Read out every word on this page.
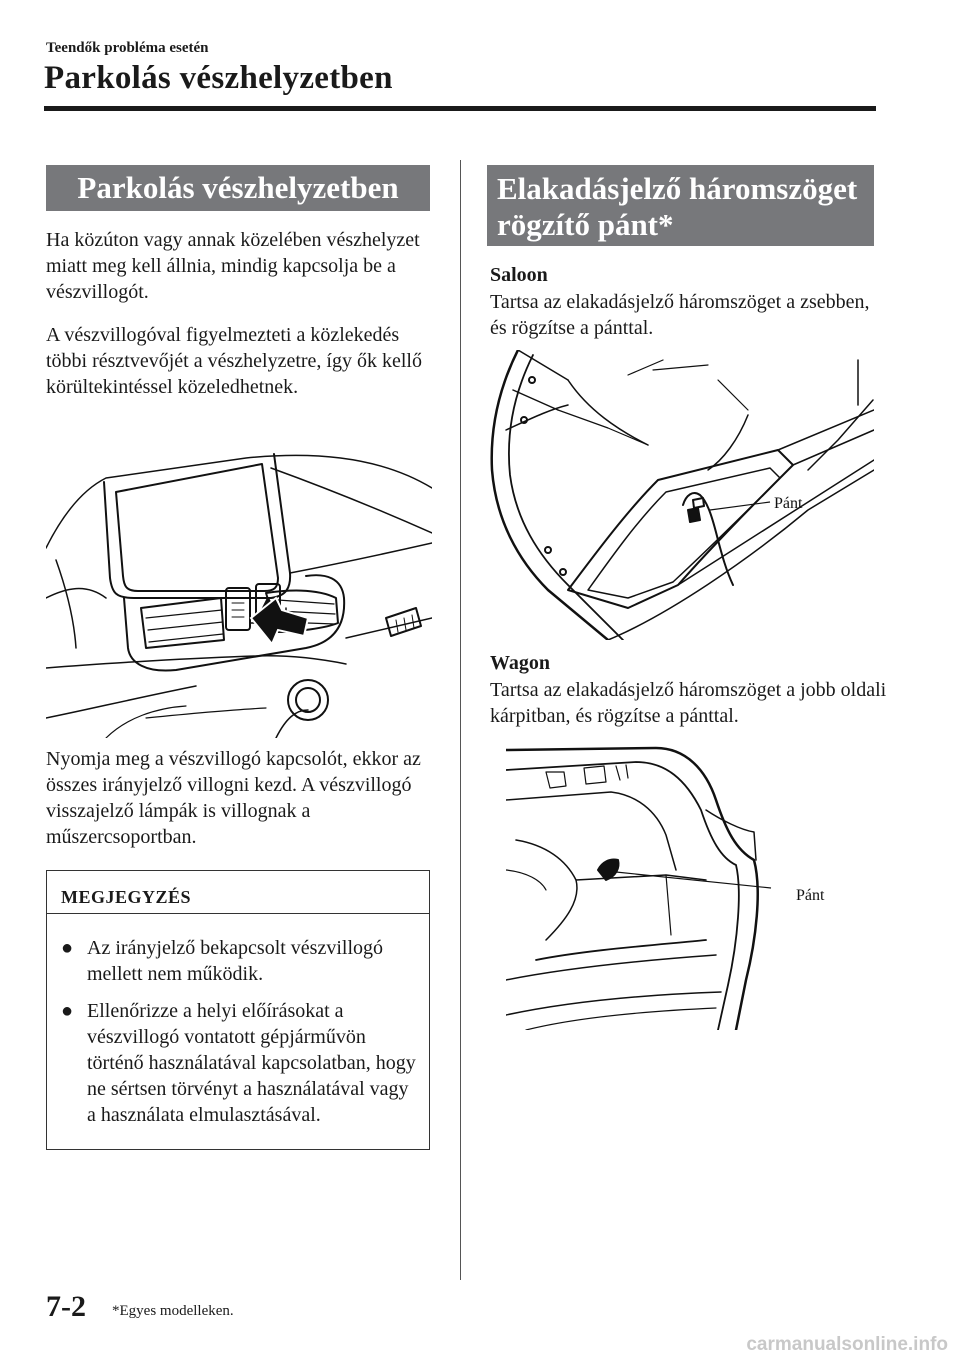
Teendők probléma esetén
Parkolás vészhelyzetben
Parkolás vészhelyzetben
Ha közúton vagy annak közelében vészhelyzet miatt meg kell állnia, mindig kapcsolja be a vészvillogót.
A vészvillogóval figyelmezteti a közlekedés többi résztvevőjét a vészhelyzetre, így ők kellő körültekintéssel közeledhetnek.
Nyomja meg a vészvillogó kapcsolót, ekkor az összes irányjelző villogni kezd. A vészvillogó visszajelző lámpák is villognak a műszercsoportban.
MEGJEGYZÉS
● Az irányjelző bekapcsolt vészvillogó mellett nem működik.
● Ellenőrizze a helyi előírásokat a vészvillogó vontatott gépjárművön történő használatával kapcsolatban, hogy ne sértsen törvényt a használatával vagy a használata elmulasztásával.
Elakadásjelző háromszöget rögzítő pánt*
Saloon
Tartsa az elakadásjelző háromszöget a zsebben, és rögzítse a pánttal.
Pánt
Wagon
Tartsa az elakadásjelző háromszöget a jobb oldali kárpitban, és rögzítse a pánttal.
Pánt
7-2 *Egyes modelleken.
carmanualsonline.info
